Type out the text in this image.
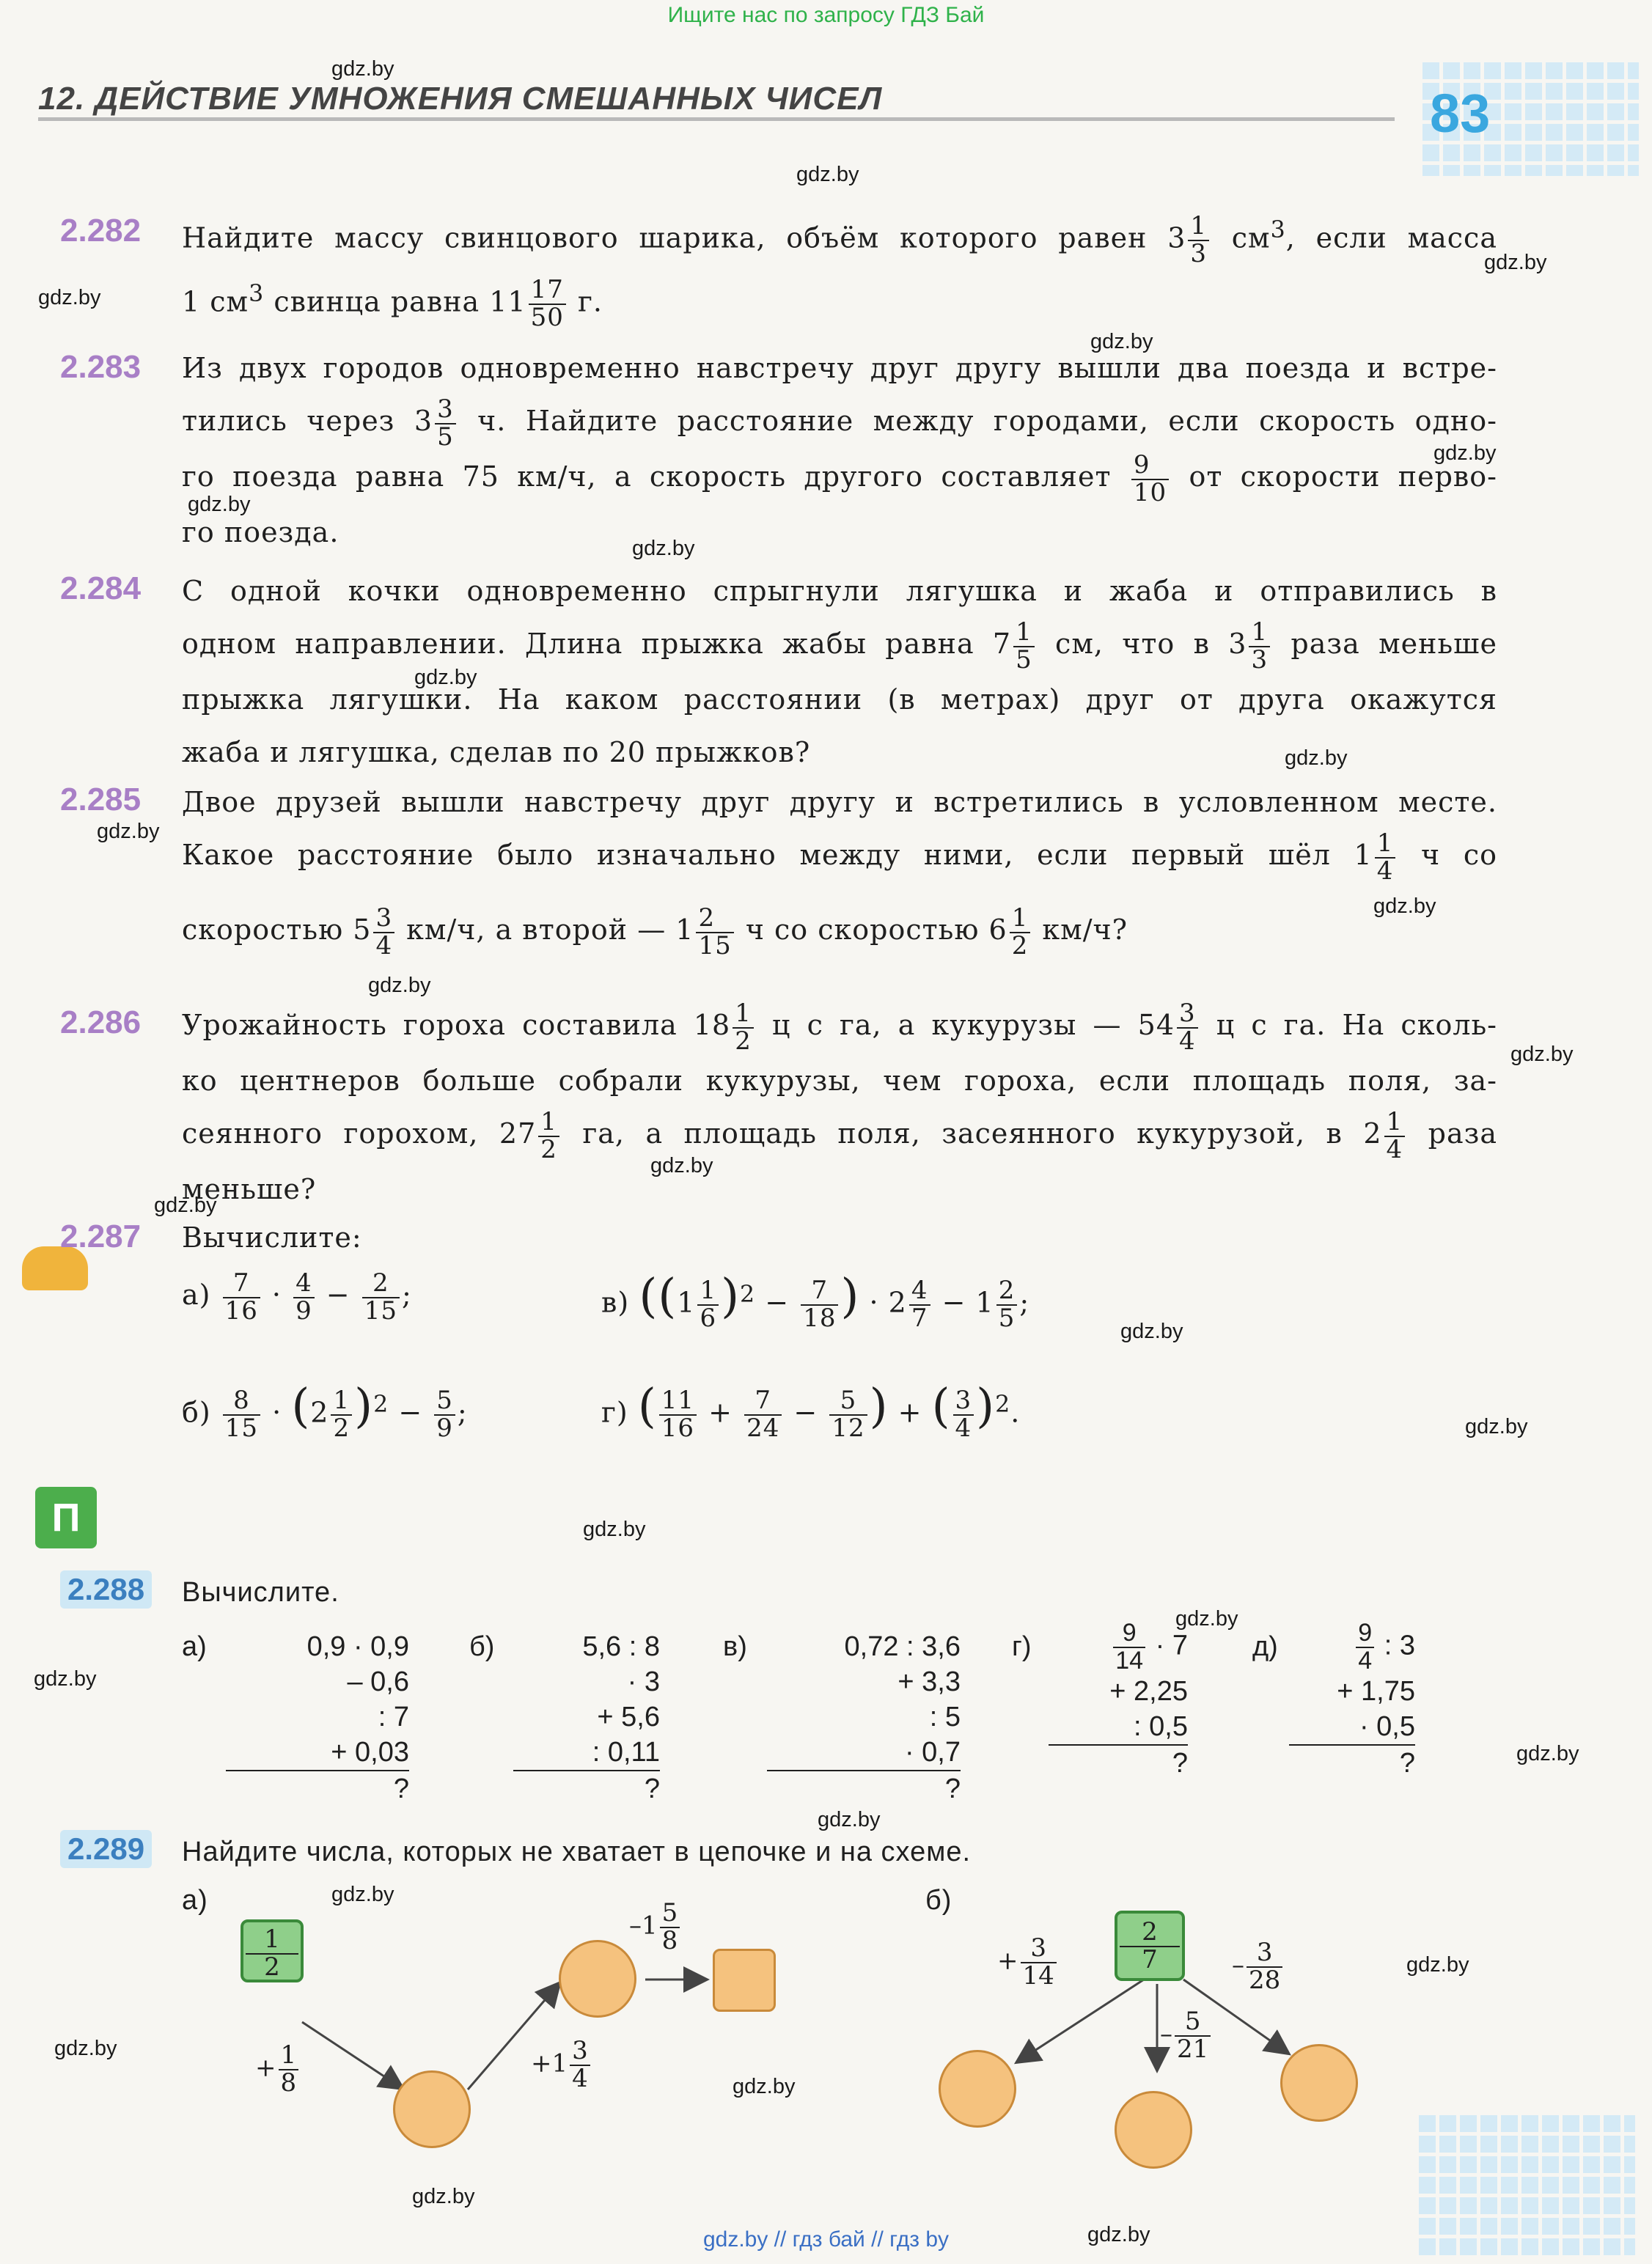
Ищите нас по запросу ГДЗ Бай
12. ДЕЙСТВИЕ УМНОЖЕНИЯ СМЕШАННЫХ ЧИСЕЛ	83
gdz.by
gdz.by
gdz.by
gdz.by
gdz.by
gdz.by
gdz.by
gdz.by
gdz.by
gdz.by
gdz.by
gdz.by
gdz.by
gdz.by
gdz.by
gdz.by
gdz.by
gdz.by
gdz.by
gdz.by
gdz.by
gdz.by
gdz.by
gdz.by
gdz.by
gdz.by
gdz.by
gdz.by
gdz.by
2.282 Найдите массу свинцового шарика, объём которого равен $3 \frac{1}{3} см^3$, если масса
1 $см^3$ свинца равна $11 \frac{17}{50} г$.
2.283 Из двух городов одновременно навстречу друг другу вышли два поезда и встре-
тились через $3 \frac{3}{5} ч$. Найдите расстояние между городами, если скорость одно-
го поезда равна 75 км/ч, а скорость другого составляет $\frac{9}{10}$ от скорости перво-
го поезда.
2.284 С одной кочки одновременно спрыгнули лягушка и жаба и отправились в
одном направлении. Длина прыжка жабы равна $7 \frac{1}{5}$ см, что в $3 \frac{1}{3}$ раза меньше
прыжка лягушки. На каком расстоянии (в метрах) друг от друга окажутся
жаба и лягушка, сделав по 20 прыжков?
2.285 Двое друзей вышли навстречу друг другу и встретились в условленном месте.
Какое расстояние было изначально между ними, если первый шёл $1 \frac{1}{4}$ ч со
скоростью $5 \frac{3}{4} км/ч$, а второй — $1 \frac{2}{15}$ ч со скоростью $6 \frac{1}{2} км/ч$?
2.286 Урожайность гороха составила $18 \frac{1}{2}$ ц с га, а кукурузы — $54 \frac{3}{4}$ ц с га. На сколь-
ко центнеров больше собрали кукурузы, чем гороха, если площадь поля, за-
сеянного горохом, $27 \frac{1}{2}$ га, а площадь поля, засеянного кукурузой, в $2 \frac{1}{4}$ раза
меньше?
2.287 Вычислите:
$а) \frac{7}{16} \cdot \frac{4}{9} - \frac{2}{15}$ ;	в) ($(1 \frac{1}{6} )^2 - \frac{7}{18}$ ) · $2 \frac{4}{7} - 1 \frac{2}{5}$ ;
$б) \frac{8}{15} \cdot (2 \frac{1}{2} )^2 - \frac{5}{9}$ ;	г) ( $\frac{11}{16} + \frac{7}{24} - \frac{5}{12}$ ) + ( $\frac{3}{4} )^2$.
П
2.288 Вычислите.
а)	0,9 · 0,9
– 0,6
: 7
+ 0,03
?
б)	5,6 : 8
· 3
+ 5,6
: 0,11
?
в)	0,72 : 3,6
+ 3,3
: 5
· 0,7
?
г)	$\frac{9}{14} \cdot 7$
+ 2,25
: 0,5
?
д)	$\frac{9}{4}$ : 3
+ 1,75
· 0,5
?
2.289 Найдите числа, которых не хватает в цепочке и на схеме.
а)	б)
1
2
+ $\frac{1}{8}$	$+1 \frac{3}{4}$
$-1 \frac{5}{8}$	2
7
+ $\frac{3}{14}$
– $\frac{5}{21}$
– $\frac{3}{28}$
gdz.by // гдз бай // гдз by
